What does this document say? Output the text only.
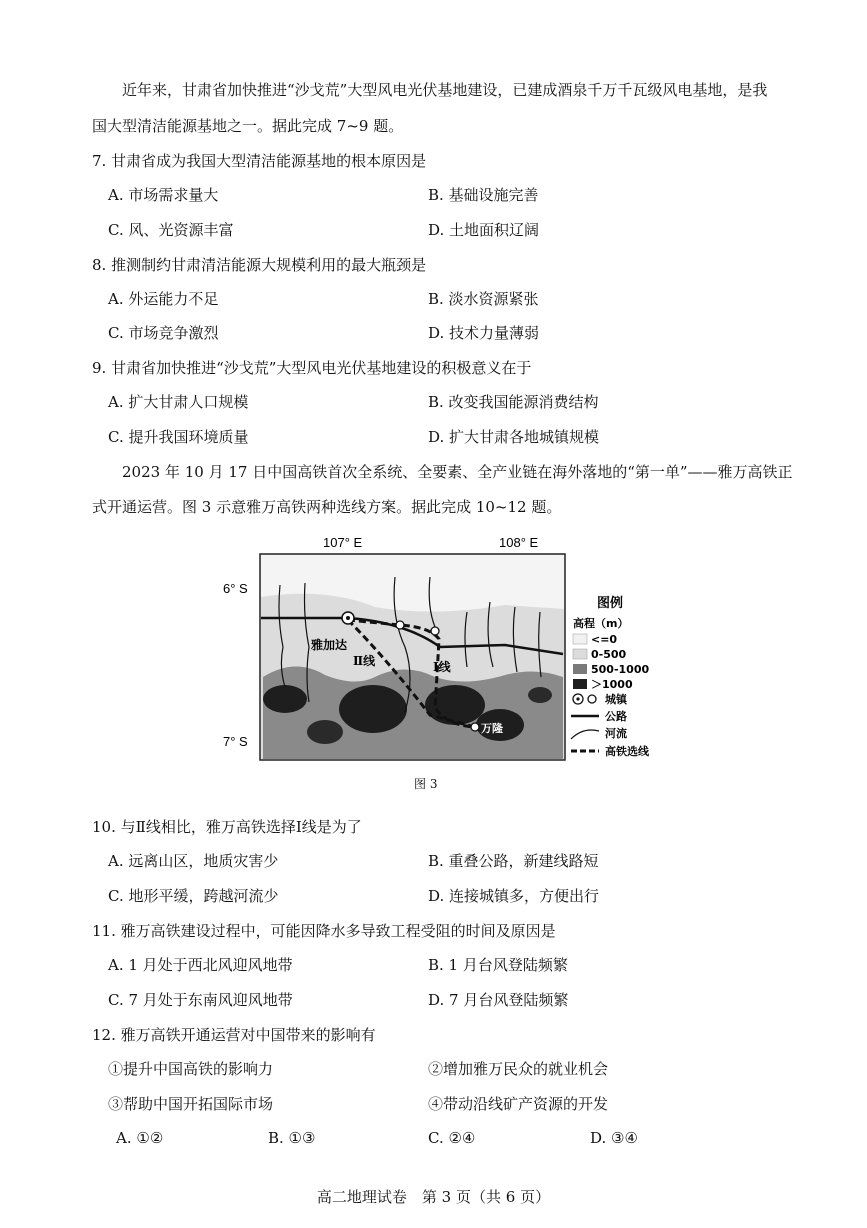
近年来，甘肃省加快推进“沙戈荒”大型风电光伏基地建设，已建成酒泉千万千瓦级风电基地，是我
国大型清洁能源基地之一。据此完成 7~9 题。
7. 甘肃省成为我国大型清洁能源基地的根本原因是
A. 市场需求量大	B. 基础设施完善
C. 风、光资源丰富	D. 土地面积辽阔
8. 推测制约甘肃清洁能源大规模利用的最大瓶颈是
A. 外运能力不足	B. 淡水资源紧张
C. 市场竞争激烈	D. 技术力量薄弱
9. 甘肃省加快推进“沙戈荒”大型风电光伏基地建设的积极意义在于
A. 扩大甘肃人口规模	B. 改变我国能源消费结构
C. 提升我国环境质量	D. 扩大甘肃各地城镇规模
2023 年 10 月 17 日中国高铁首次全系统、全要素、全产业链在海外落地的“第一单”——雅万高铁正
式开通运营。图 3 示意雅万高铁两种选线方案。据此完成 10~12 题。
107° E	108° E
6° S
7° S
雅加达
万隆
Ⅱ线	Ⅰ线
图例
高程（m）
<=0
0-500
500-1000
＞1000
城镇
公路
河流
高铁选线
图 3
10. 与Ⅱ线相比，雅万高铁选择Ⅰ线是为了
A. 远离山区，地质灾害少	B. 重叠公路，新建线路短
C. 地形平缓，跨越河流少	D. 连接城镇多，方便出行
11. 雅万高铁建设过程中，可能因降水多导致工程受阻的时间及原因是
A. 1 月处于西北风迎风地带	B. 1 月台风登陆频繁
C. 7 月处于东南风迎风地带	D. 7 月台风登陆频繁
12. 雅万高铁开通运营对中国带来的影响有
①提升中国高铁的影响力	②增加雅万民众的就业机会
③帮助中国开拓国际市场	④带动沿线矿产资源的开发
A. ①②	B. ①③	C. ②④	D. ③④
高二地理试卷　第 3 页（共 6 页）
